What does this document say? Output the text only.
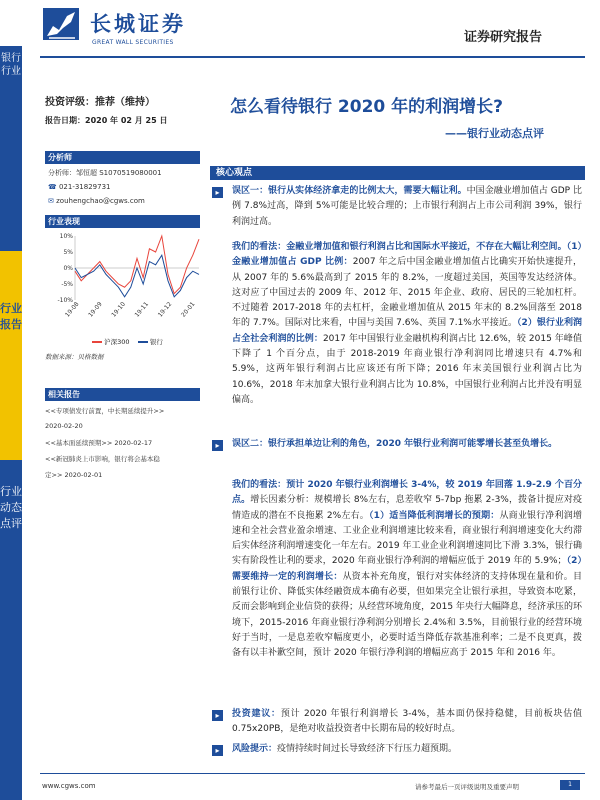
银行行业
行业报告
行业动态点评
长城证券
GREAT WALL SECURITIES	证券研究报告
投资评级：推荐（维持）
报告日期：2020 年 02 月 25 日
分析师
分析师：邹恒超 S1070519080001
☎ 021-31829731
✉ zouhengchao@cgws.com
行业表现
10%
5%
0%
-5%
-10%
19-08 19-09 19-10 19-11 19-12 20-01
沪深300	银行
数据来源：贝格数据
相关报告
<<专项债发行前置，中长期延续提升>>
2020-02-20
<<基本面延续预期>> 2020-02-17
<<新冠肺炎上市影响，银行将会基本稳
定>> 2020-02-01
怎么看待银行 2020 年的利润增长?
——银行业动态点评
核心观点
▸	误区一：银行从实体经济拿走的比例太大，需要大幅让利。中国金融业增加值占 GDP 比例 7.8%过高，降到 5%可能是比较合理的；上市银行利润占上市公司利润 39%，银行利润过高。
我们的看法：金融业增加值和银行利润占比和国际水平接近，不存在大幅让利空间。（1）金融业增加值占 GDP 比例：2007 年之后中国金融业增加值占比确实开始快速提升，从 2007 年的 5.6%最高到了 2015 年的 8.2%，一度超过美国，英国等发达经济体。这对应了中国过去的 2009 年、2012 年、2015 年企业、政府、居民的三轮加杠杆。不过随着 2017-2018 年的去杠杆，金融业增加值从 2015 年末的 8.2%回落至 2018 年的 7.7%。国际对比来看，中国与美国 7.6%、英国 7.1%水平接近。（2）银行业利润占全社会利润的比例：2017 年中国银行业金融机构利润占比 12.6%，较 2015 年峰值下降了 1 个百分点，由于 2018-2019 年商业银行净利润同比增速只有 4.7%和 5.9%，这两年银行利润占比应该还有所下降；2016 年末美国银行业利润占比为 10.6%，2018 年末加拿大银行业利润占比为 10.8%，中国银行业利润占比并没有明显偏高。
▸	误区二：银行承担单边让利的角色，2020 年银行业利润可能零增长甚至负增长。
我们的看法：预计 2020 年银行业利润增长 3-4%，较 2019 年回落 1.9-2.9 个百分点。增长因素分析：规模增长 8%左右，息差收窄 5-7bp 拖累 2-3%，拨备计提应对疫情造成的潜在不良拖累 2%左右。（1）适当降低利润增长的预期：从商业银行净利润增速和全社会营业盈余增速、工业企业利润增速比较来看，商业银行利润增速变化大约滞后实体经济利润增速变化一年左右。2019 年工业企业利润增速同比下滑 3.3%，银行确实有阶段性让利的要求，2020 年商业银行净利润的增幅应低于 2019 年的 5.9%；（2）需要维持一定的利润增长：从资本补充角度，银行对实体经济的支持体现在量和价。目前银行让价、降低实体经融资成本确有必要，但如果完全让银行承担，导致资本吃紧，反而会影响到企业信贷的获得；从经营环境角度，2015 年央行大幅降息，经济承压的环境下，2015-2016 年商业银行净利润分别增长 2.4%和 3.5%，目前银行业的经营环境好于当时，一是息差收窄幅度更小，必要时适当降低存款基准利率；二是不良更真，拨备有以丰补歉空间，预计 2020 年银行净利润的增幅应高于 2015 年和 2016 年。
▸	投资建议：预计 2020 年银行利润增长 3-4%，基本面仍保持稳健，目前板块估值 0.75x20PB，是绝对收益投资者中长期布局的较好时点。
▸	风险提示：疫情持续时间过长导致经济下行压力超预期。
www.cgws.com	请参考最后一页评级说明及重要声明	1
